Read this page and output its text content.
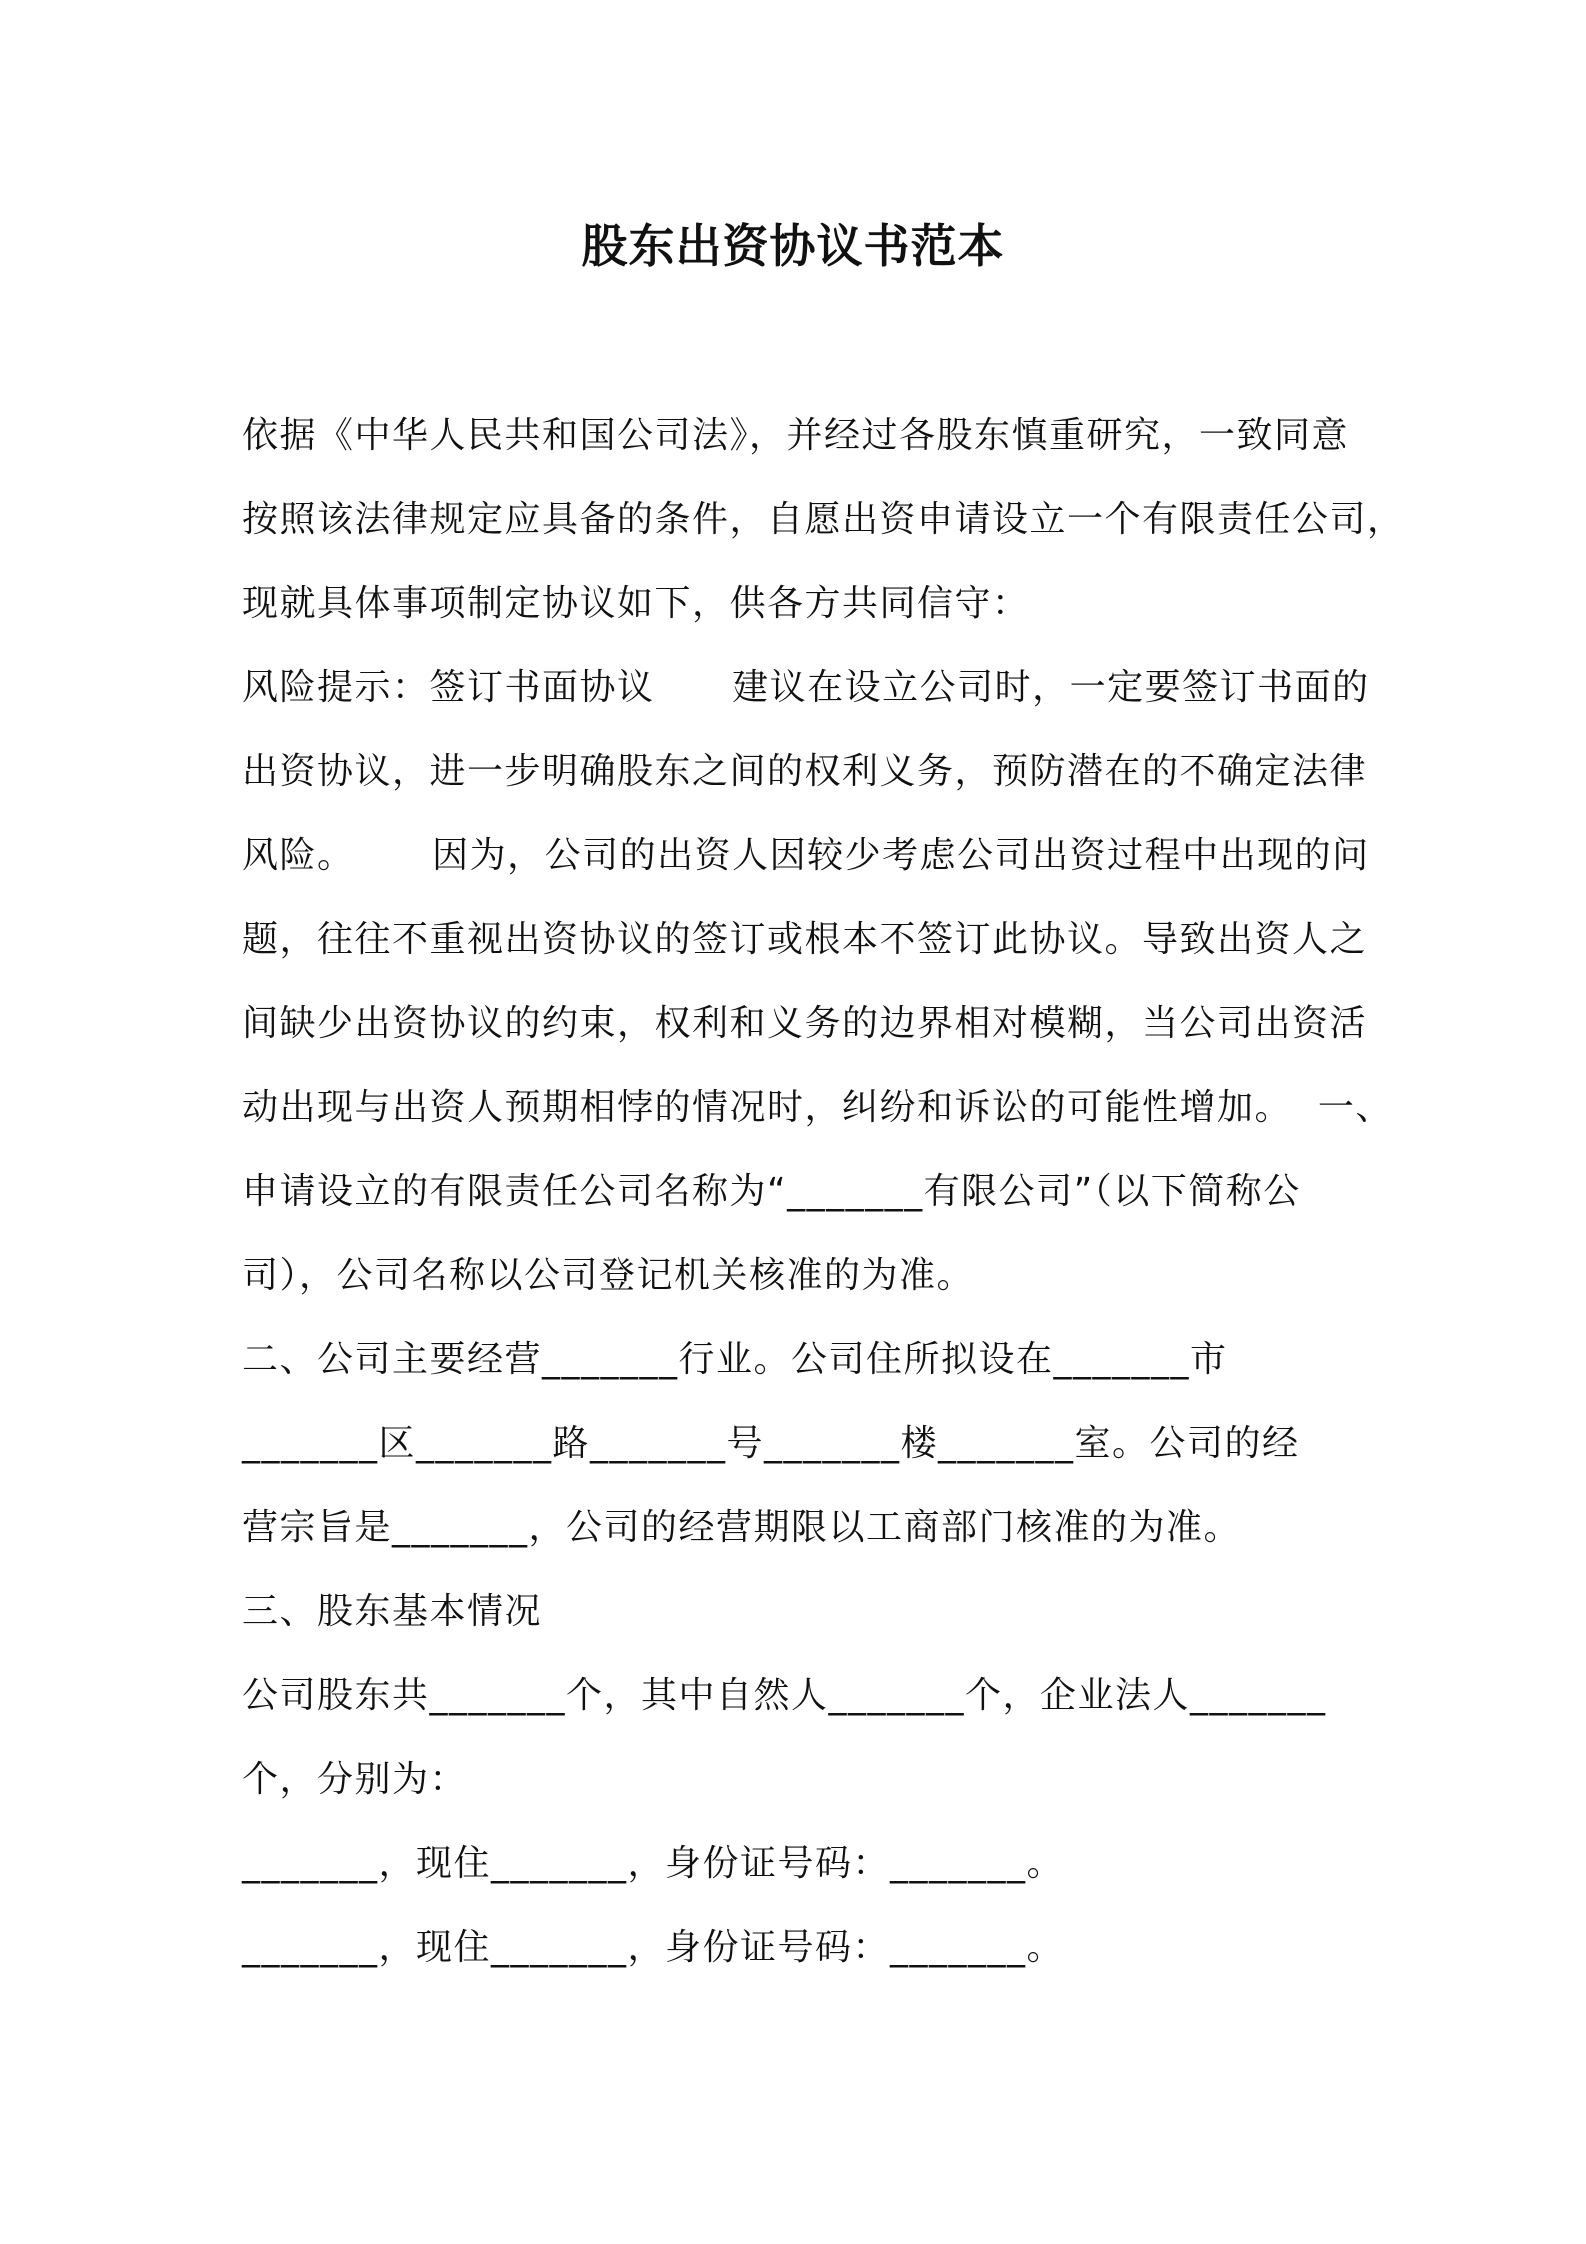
股东出资协议书范本
依据《中华人民共和国公司法》，并经过各股东慎重研究，一致同意
按照该法律规定应具备的条件，自愿出资申请设立一个有限责任公司，
现就具体事项制定协议如下，供各方共同信守：
风险提示：签订书面协议      建议在设立公司时，一定要签订书面的
出资协议，进一步明确股东之间的权利义务，预防潜在的不确定法律
风险。      因为，公司的出资人因较少考虑公司出资过程中出现的问
题，往往不重视出资协议的签订或根本不签订此协议。导致出资人之
间缺少出资协议的约束，权利和义务的边界相对模糊，当公司出资活
动出现与出资人预期相悖的情况时，纠纷和诉讼的可能性增加。  一、
申请设立的有限责任公司名称为“_______有限公司”（以下简称公
司），公司名称以公司登记机关核准的为准。
二、公司主要经营_______行业。公司住所拟设在_______市
_______区_______路_______号_______楼_______室。公司的经
营宗旨是_______，公司的经营期限以工商部门核准的为准。
三、股东基本情况
公司股东共_______个，其中自然人_______个，企业法人_______
个，分别为：
_______，现住_______，身份证号码：_______。
_______，现住_______，身份证号码：_______。
